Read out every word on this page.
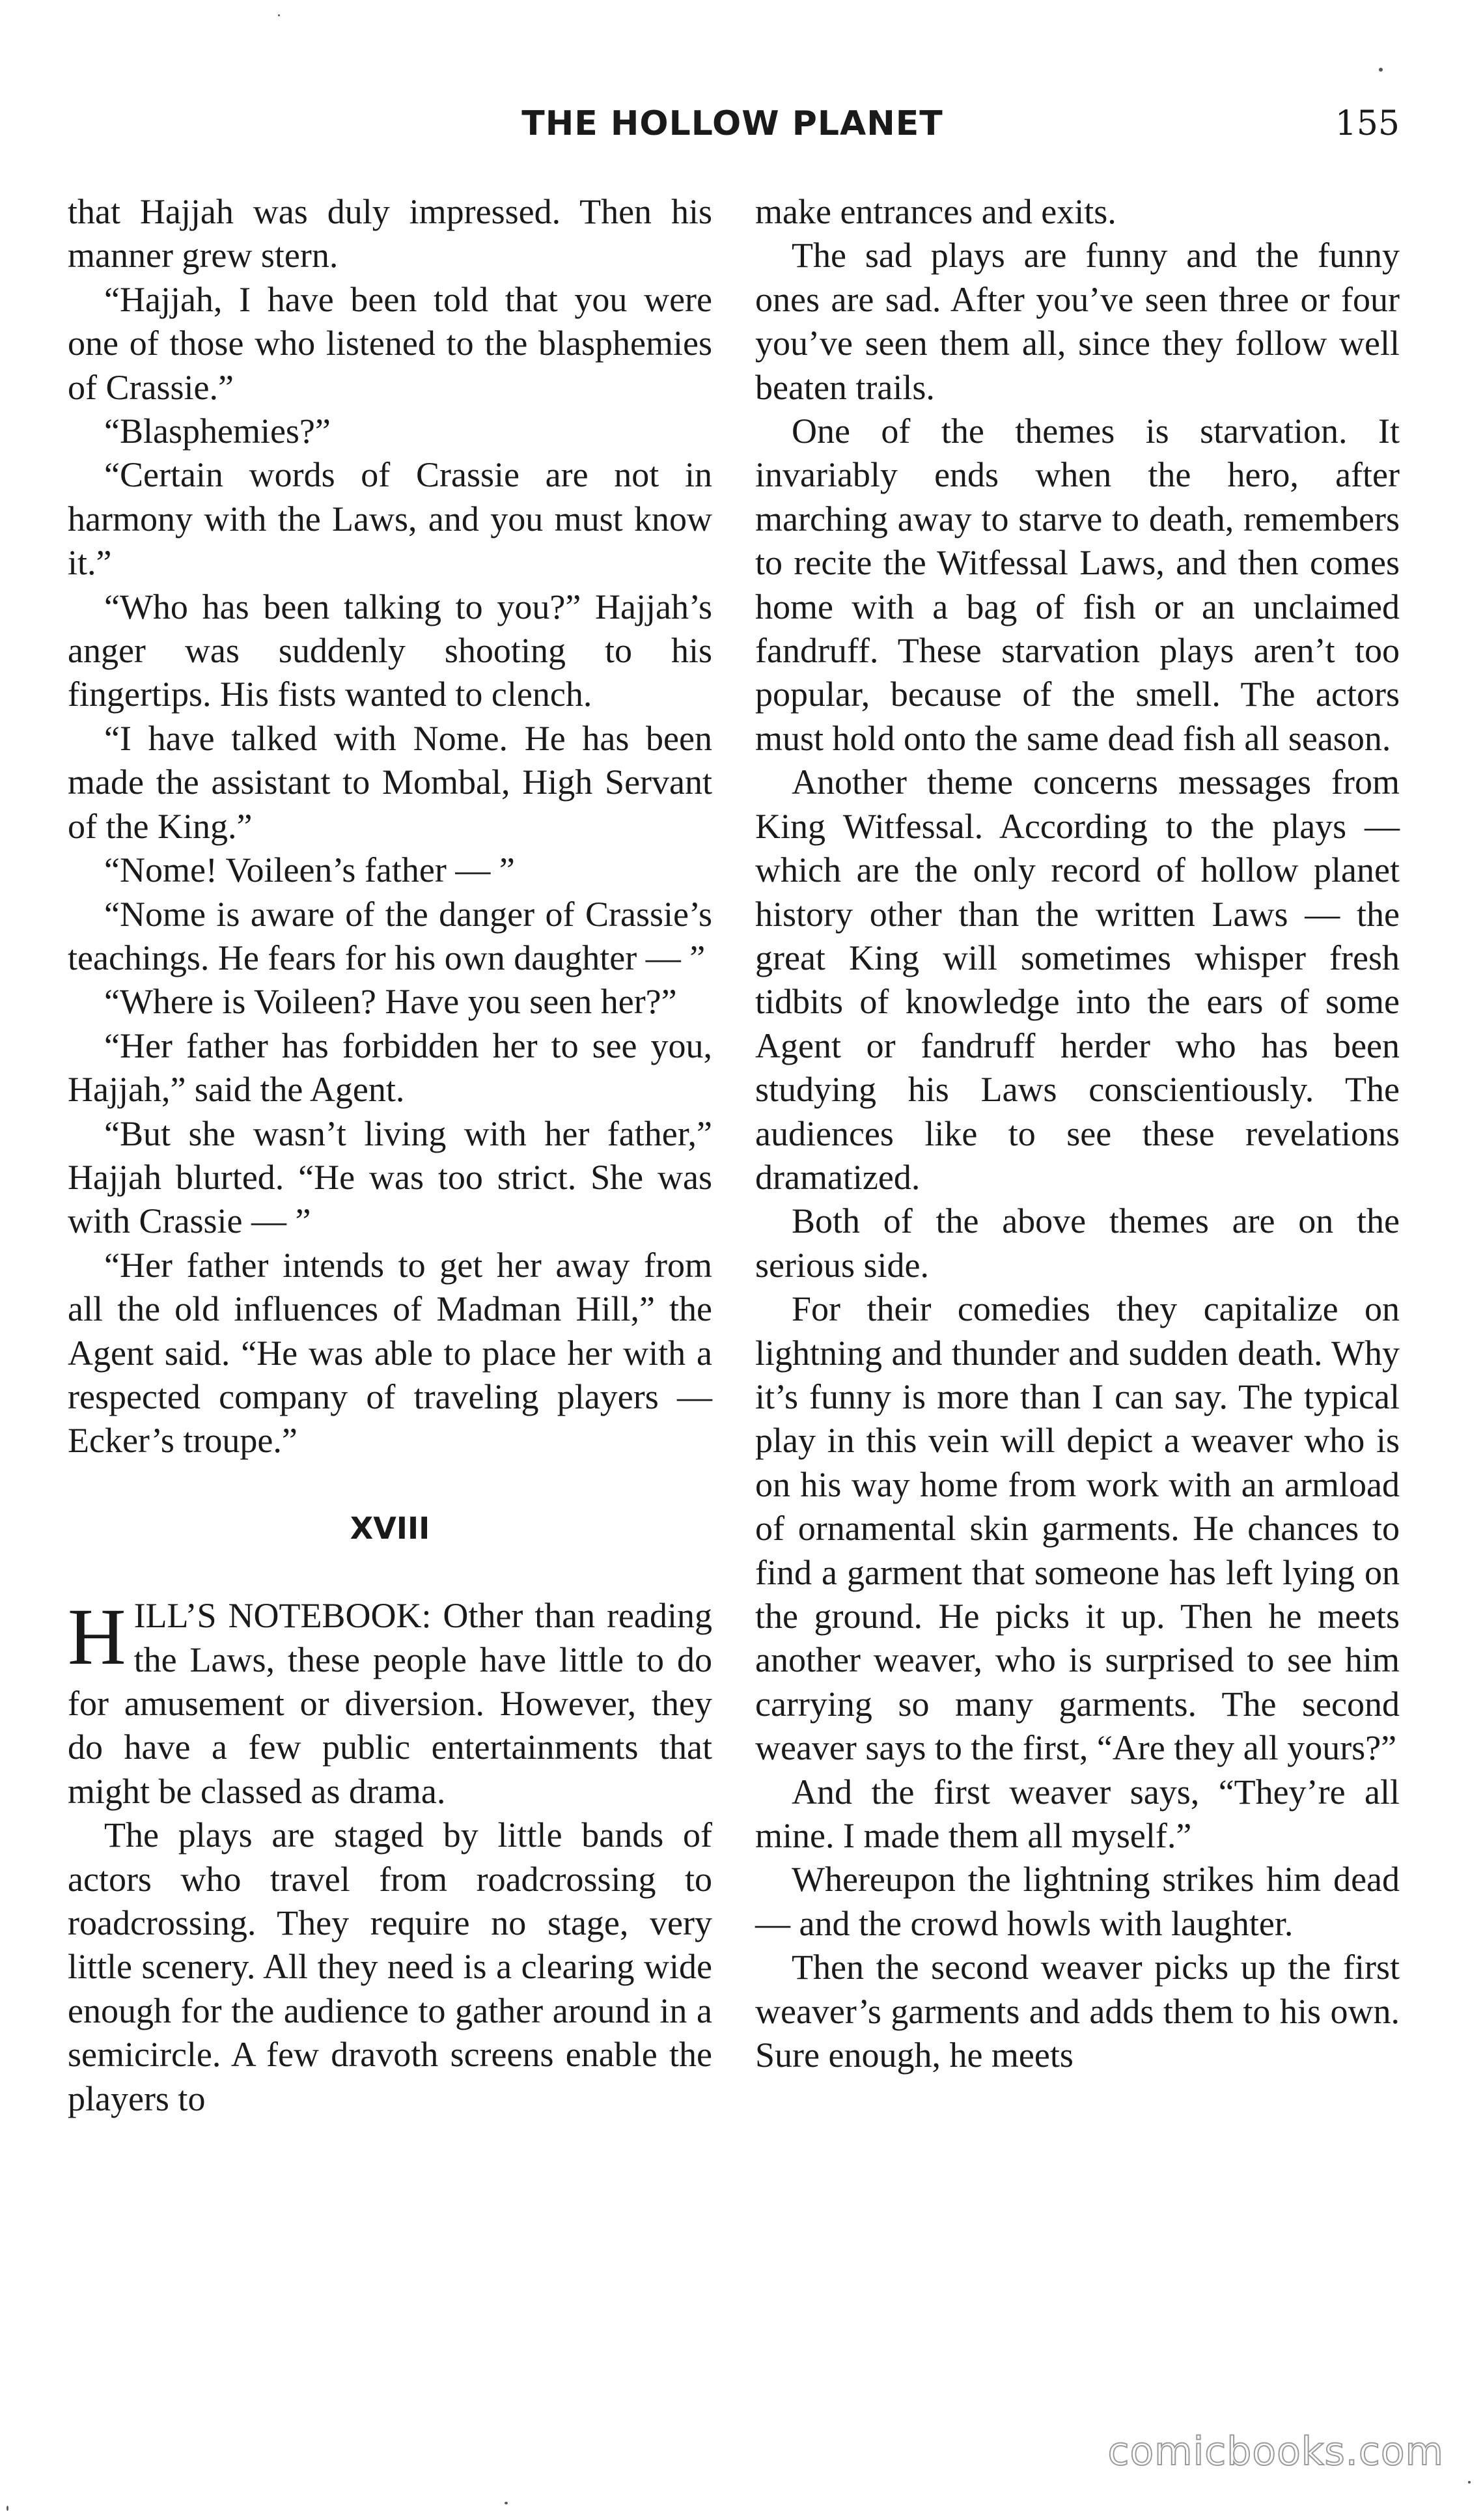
THE HOLLOW PLANET	155

that Hajjah was duly impressed. Then his manner grew stern.

“Hajjah, I have been told that you were one of those who listened to the blasphemies of Crassie.”

“Blasphemies?”

“Certain words of Crassie are not in harmony with the Laws, and you must know it.”

“Who has been talking to you?” Hajjah’s anger was suddenly shooting to his fingertips. His fists wanted to clench.

“I have talked with Nome. He has been made the assistant to Mombal, High Servant of the King.”

“Nome! Voileen’s father — ”

“Nome is aware of the danger of Crassie’s teachings. He fears for his own daughter — ”

“Where is Voileen? Have you seen her?”

“Her father has forbidden her to see you, Hajjah,” said the Agent.

“But she wasn’t living with her father,” Hajjah blurted. “He was too strict. She was with Crassie — ”

“Her father intends to get her away from all the old influences of Madman Hill,” the Agent said. “He was able to place her with a respected company of traveling players — Ecker’s troupe.”

XVIII

HILL’S NOTEBOOK: Other than reading the Laws, these people have little to do for amusement or diversion. However, they do have a few public entertainments that might be classed as drama.

The plays are staged by little bands of actors who travel from roadcrossing to roadcrossing. They require no stage, very little scenery. All they need is a clearing wide enough for the audience to gather around in a semicircle. A few dravoth screens enable the players to

make entrances and exits.

The sad plays are funny and the funny ones are sad. After you’ve seen three or four you’ve seen them all, since they follow well beaten trails.

One of the themes is starvation. It invariably ends when the hero, after marching away to starve to death, remembers to recite the Witfessal Laws, and then comes home with a bag of fish or an unclaimed fandruff. These starvation plays aren’t too popular, because of the smell. The actors must hold onto the same dead fish all season.

Another theme concerns messages from King Witfessal. According to the plays — which are the only record of hollow planet history other than the written Laws — the great King will sometimes whisper fresh tidbits of knowledge into the ears of some Agent or fandruff herder who has been studying his Laws conscientiously. The audiences like to see these revelations dramatized.

Both of the above themes are on the serious side.

For their comedies they capitalize on lightning and thunder and sudden death. Why it’s funny is more than I can say. The typical play in this vein will depict a weaver who is on his way home from work with an armload of ornamental skin garments. He chances to find a garment that someone has left lying on the ground. He picks it up. Then he meets another weaver, who is surprised to see him carrying so many garments. The second weaver says to the first, “Are they all yours?”

And the first weaver says, “They’re all mine. I made them all myself.”

Whereupon the lightning strikes him dead — and the crowd howls with laughter.

Then the second weaver picks up the first weaver’s garments and adds them to his own. Sure enough, he meets

comicbooks.com
